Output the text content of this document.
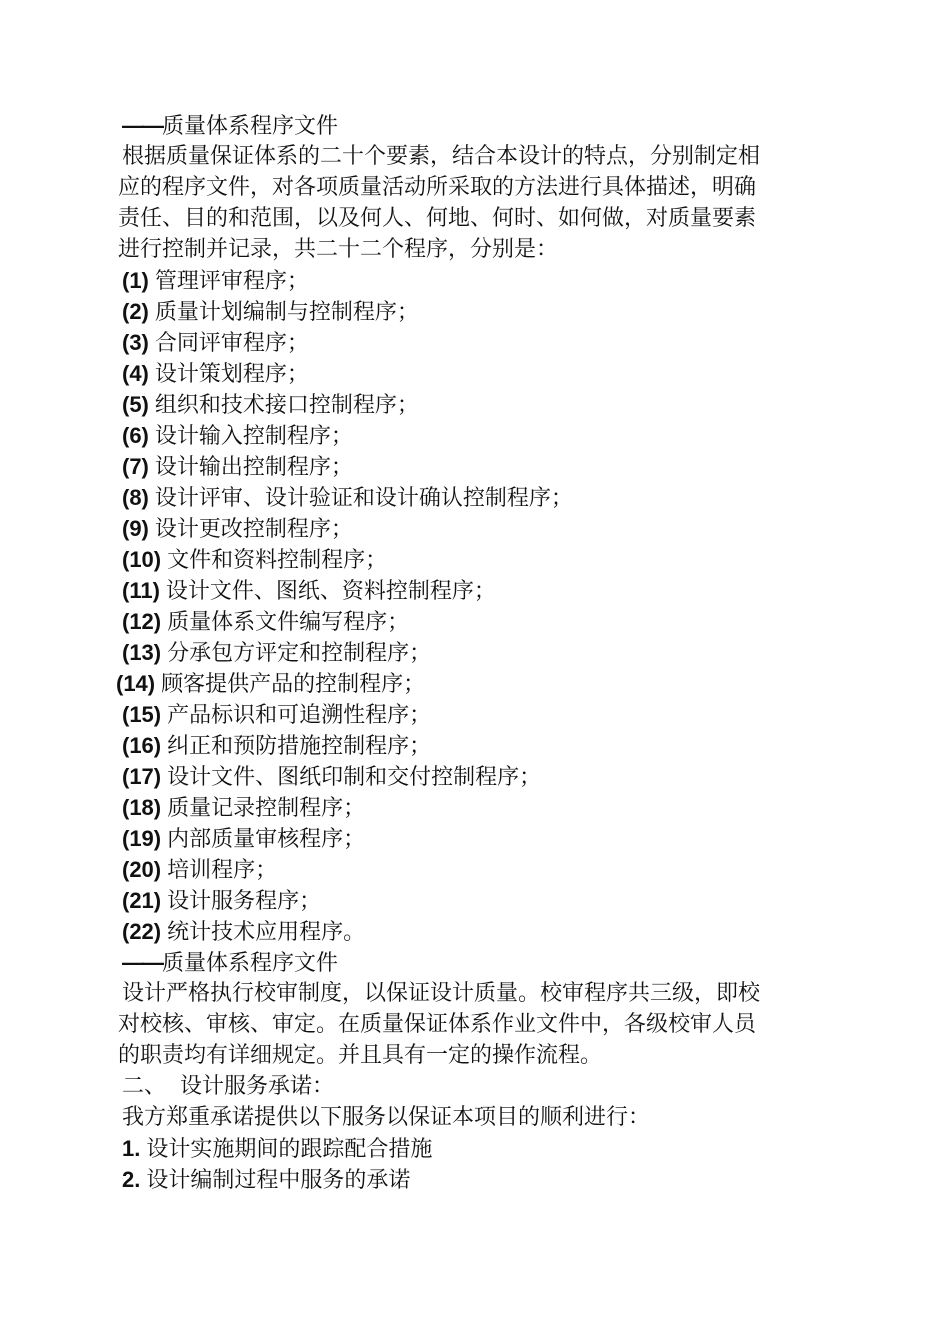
——质量体系程序文件
根据质量保证体系的二十个要素，结合本设计的特点，分别制定相
应的程序文件，对各项质量活动所采取的方法进行具体描述，明确
责任、目的和范围，以及何人、何地、何时、如何做，对质量要素
进行控制并记录，共二十二个程序，分别是：
(1) 管理评审程序；
(2) 质量计划编制与控制程序；
(3) 合同评审程序；
(4) 设计策划程序；
(5) 组织和技术接口控制程序；
(6) 设计输入控制程序；
(7) 设计输出控制程序；
(8) 设计评审、设计验证和设计确认控制程序；
(9) 设计更改控制程序；
(10) 文件和资料控制程序；
(11) 设计文件、图纸、资料控制程序；
(12) 质量体系文件编写程序；
(13) 分承包方评定和控制程序；
(14) 顾客提供产品的控制程序；
(15) 产品标识和可追溯性程序；
(16) 纠正和预防措施控制程序；
(17) 设计文件、图纸印制和交付控制程序；
(18) 质量记录控制程序；
(19) 内部质量审核程序；
(20) 培训程序；
(21) 设计服务程序；
(22) 统计技术应用程序。
——质量体系程序文件
设计严格执行校审制度，以保证设计质量。校审程序共三级，即校
对校核、审核、审定。在质量保证体系作业文件中，各级校审人员
的职责均有详细规定。并且具有一定的操作流程。
二、  设计服务承诺：
我方郑重承诺提供以下服务以保证本项目的顺利进行：
1. 设计实施期间的跟踪配合措施
2. 设计编制过程中服务的承诺
